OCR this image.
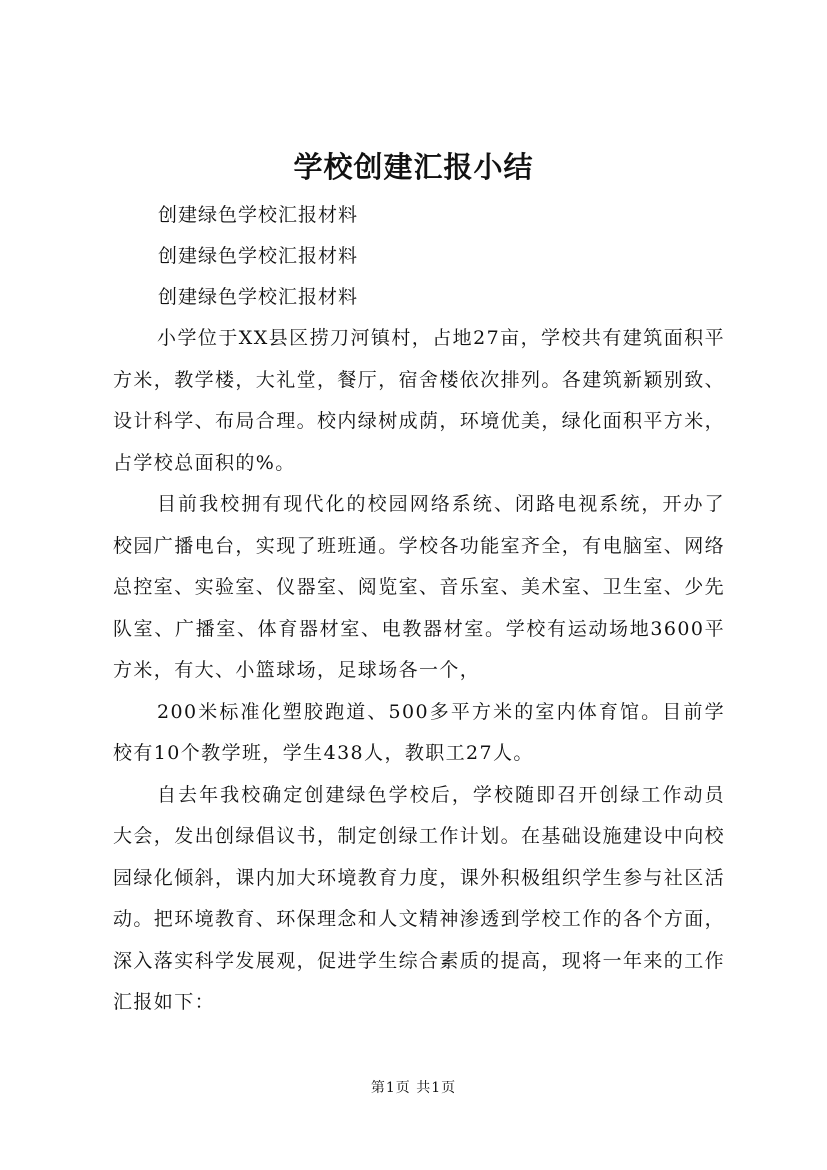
学校创建汇报小结

创建绿色学校汇报材料

创建绿色学校汇报材料

创建绿色学校汇报材料

小学位于XX县区捞刀河镇村，占地27亩，学校共有建筑面积平方米，教学楼，大礼堂，餐厅，宿舍楼依次排列。各建筑新颖别致、设计科学、布局合理。校内绿树成荫，环境优美，绿化面积平方米，占学校总面积的%。

目前我校拥有现代化的校园网络系统、闭路电视系统，开办了校园广播电台，实现了班班通。学校各功能室齐全，有电脑室、网络总控室、实验室、仪器室、阅览室、音乐室、美术室、卫生室、少先队室、广播室、体育器材室、电教器材室。学校有运动场地3600平方米，有大、小篮球场，足球场各一个，

200米标准化塑胶跑道、500多平方米的室内体育馆。目前学校有10个教学班，学生438人，教职工27人。

自去年我校确定创建绿色学校后，学校随即召开创绿工作动员大会，发出创绿倡议书，制定创绿工作计划。在基础设施建设中向校园绿化倾斜，课内加大环境教育力度，课外积极组织学生参与社区活动。把环境教育、环保理念和人文精神渗透到学校工作的各个方面，深入落实科学发展观，促进学生综合素质的提高，现将一年来的工作汇报如下：

第1页 共1页
